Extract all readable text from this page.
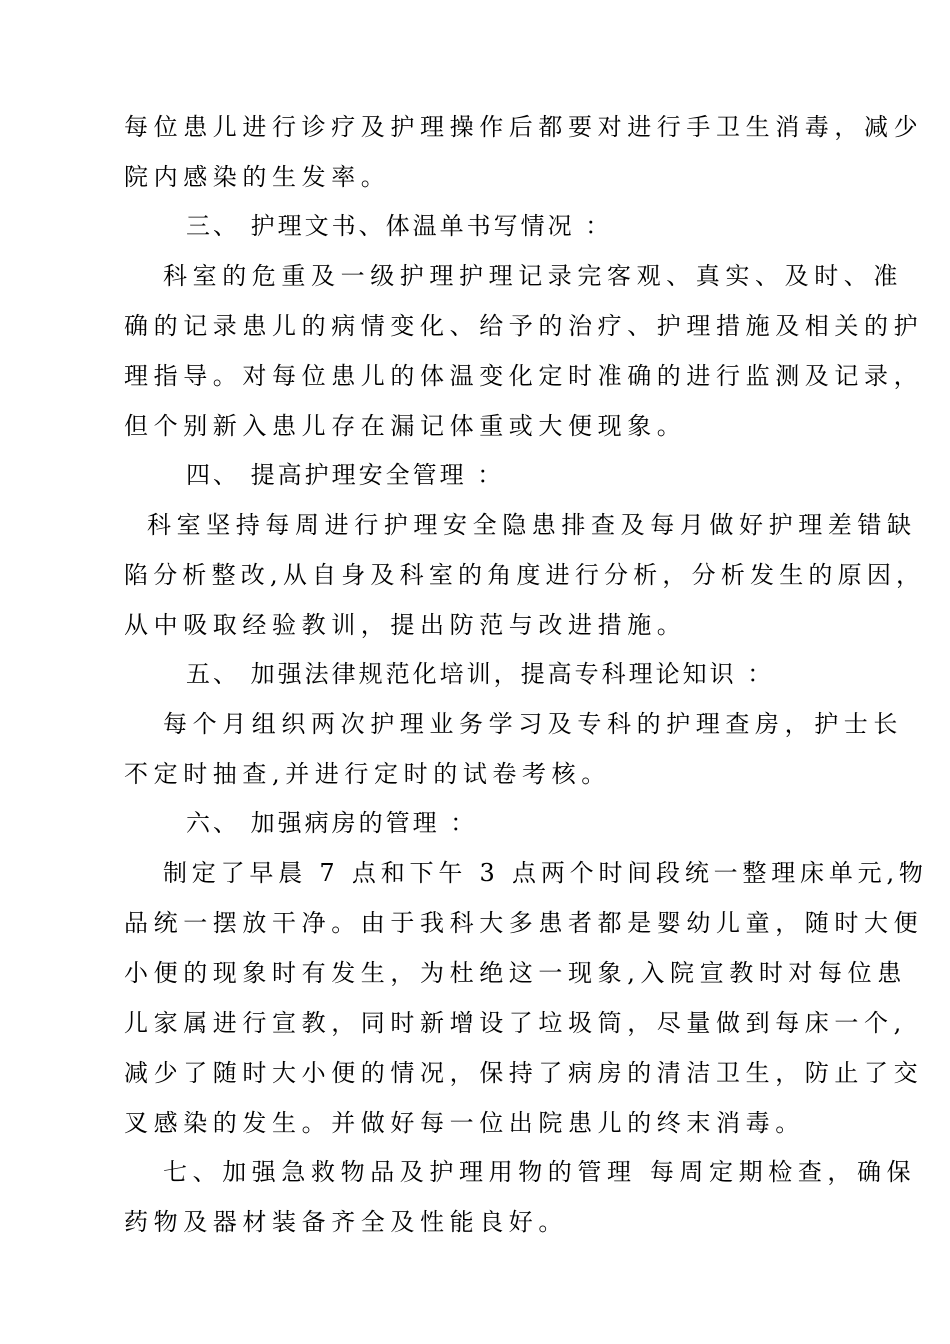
每位患儿进行诊疗及护理操作后都要对进行手卫生消毒，减少
院内感染的生发率。
三、 护理文书、体温单书写情况 ：
科室的危重及一级护理护理记录完客观、真实、及时、准
确的记录患儿的病情变化、给予的治疗、护理措施及相关的护
理指导。对每位患儿的体温变化定时准确的进行监测及记录，
但个别新入患儿存在漏记体重或大便现象。
四、 提高护理安全管理 ：
科室坚持每周进行护理安全隐患排查及每月做好护理差错缺
陷分析整改,从自身及科室的角度进行分析，分析发生的原因，
从中吸取经验教训，提出防范与改进措施。
五、 加强法律规范化培训，提高专科理论知识 ：
每个月组织两次护理业务学习及专科的护理查房，护士长
不定时抽查,并进行定时的试卷考核。
六、 加强病房的管理 ：
制定了早晨 7 点和下午 3 点两个时间段统一整理床单元,物
品统一摆放干净。由于我科大多患者都是婴幼儿童，随时大便
小便的现象时有发生，为杜绝这一现象,入院宣教时对每位患
儿家属进行宣教，同时新增设了垃圾筒，尽量做到每床一个,
减少了随时大小便的情况，保持了病房的清洁卫生，防止了交
叉感染的发生。并做好每一位出院患儿的终末消毒。
七、加强急救物品及护理用物的管理 每周定期检查，确保
药物及器材装备齐全及性能良好。
